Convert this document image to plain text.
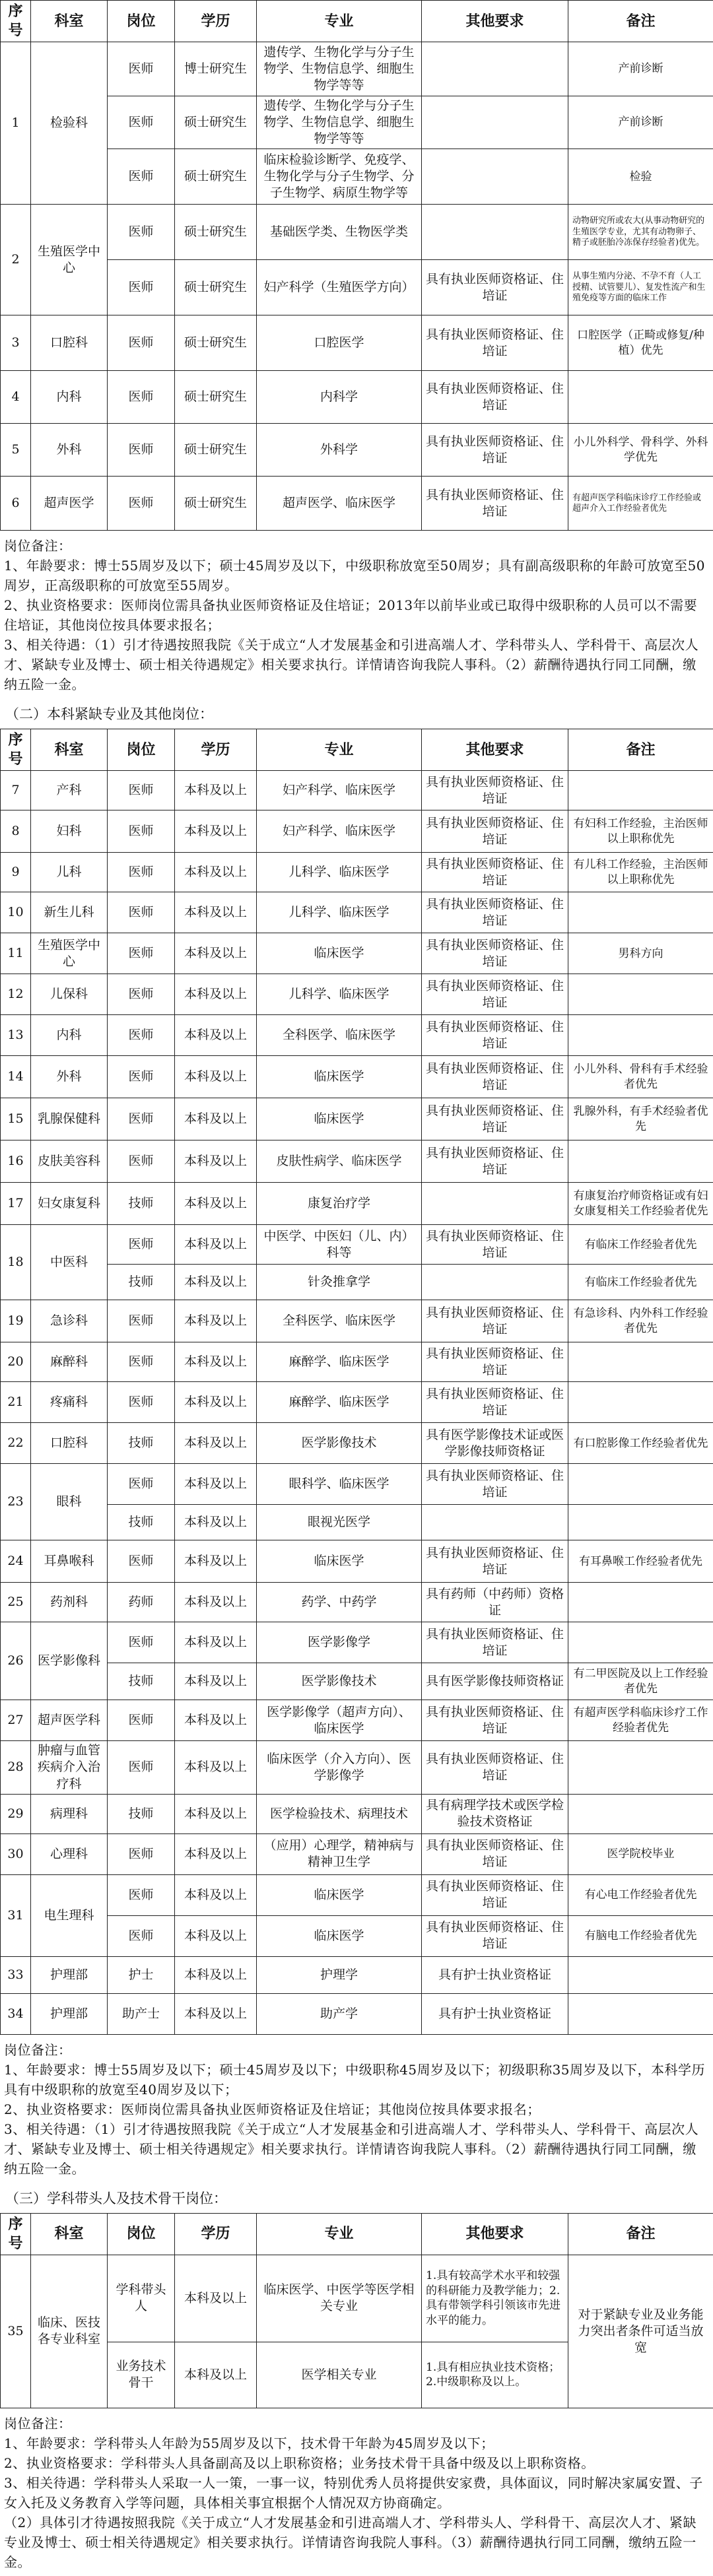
序号	科室	岗位	学历	专业	其他要求	备注
1	检验科	医师	博士研究生	遗传学、生物化学与分子生物学、生物信息学、细胞生物学等等		产前诊断
		医师	硕士研究生	遗传学、生物化学与分子生物学、生物信息学、细胞生物学等等		产前诊断
		医师	硕士研究生	临床检验诊断学、免疫学、生物化学与分子生物学、分子生物学、病原生物学等		检验
2	生殖医学中心	医师	硕士研究生	基础医学类、生物医学类		动物研究所或农大(从事动物研究的生殖医学专业，尤其有动物卵子、精子或胚胎冷冻保存经验者)优先。
		医师	硕士研究生	妇产科学（生殖医学方向）	具有执业医师资格证、住培证	从事生殖内分泌、不孕不育（人工授精、试管婴儿）、复发性流产和生殖免疫等方面的临床工作
3	口腔科	医师	硕士研究生	口腔医学	具有执业医师资格证、住培证	口腔医学（正畸或修复/种植）优先
4	内科	医师	硕士研究生	内科学	具有执业医师资格证、住培证	
5	外科	医师	硕士研究生	外科学	具有执业医师资格证、住培证	小儿外科学、骨科学、外科学优先
6	超声医学	医师	硕士研究生	超声医学、临床医学	具有执业医师资格证、住培证	有超声医学科临床诊疗工作经验或超声介入工作经验者优先
岗位备注：
1、年龄要求：博士55周岁及以下；硕士45周岁及以下，中级职称放宽至50周岁；具有副高级职称的年龄可放宽至50周岁，正高级职称的可放宽至55周岁。
2、执业资格要求：医师岗位需具备执业医师资格证及住培证；2013年以前毕业或已取得中级职称的人员可以不需要住培证，其他岗位按具体要求报名；
3、相关待遇：（1）引才待遇按照我院《关于成立“人才发展基金和引进高端人才、学科带头人、学科骨干、高层次人才、紧缺专业及博士、硕士相关待遇规定》相关要求执行。详情请咨询我院人事科。（2）薪酬待遇执行同工同酬，缴纳五险一金。
（二）本科紧缺专业及其他岗位：
序号	科室	岗位	学历	专业	其他要求	备注
7	产科	医师	本科及以上	妇产科学、临床医学	具有执业医师资格证、住培证	
8	妇科	医师	本科及以上	妇产科学、临床医学	具有执业医师资格证、住培证	有妇科工作经验，主治医师以上职称优先
9	儿科	医师	本科及以上	儿科学、临床医学	具有执业医师资格证、住培证	有儿科工作经验，主治医师以上职称优先
10	新生儿科	医师	本科及以上	儿科学、临床医学	具有执业医师资格证、住培证	
11	生殖医学中心	医师	本科及以上	临床医学	具有执业医师资格证、住培证	男科方向
12	儿保科	医师	本科及以上	儿科学、临床医学	具有执业医师资格证、住培证	
13	内科	医师	本科及以上	全科医学、临床医学	具有执业医师资格证、住培证	
14	外科	医师	本科及以上	临床医学	具有执业医师资格证、住培证	小儿外科、骨科有手术经验者优先
15	乳腺保健科	医师	本科及以上	临床医学	具有执业医师资格证、住培证	乳腺外科，有手术经验者优先
16	皮肤美容科	医师	本科及以上	皮肤性病学、临床医学	具有执业医师资格证、住培证	
17	妇女康复科	技师	本科及以上	康复治疗学		有康复治疗师资格证或有妇女康复相关工作经验者优先
18	中医科	医师	本科及以上	中医学、中医妇（儿、内）科等	具有执业医师资格证、住培证	有临床工作经验者优先
		技师	本科及以上	针灸推拿学		有临床工作经验者优先
19	急诊科	医师	本科及以上	全科医学、临床医学	具有执业医师资格证、住培证	有急诊科、内外科工作经验者优先
20	麻醉科	医师	本科及以上	麻醉学、临床医学	具有执业医师资格证、住培证	
21	疼痛科	医师	本科及以上	麻醉学、临床医学	具有执业医师资格证、住培证	
22	口腔科	技师	本科及以上	医学影像技术	具有医学影像技术证或医学影像技师资格证	有口腔影像工作经验者优先
23	眼科	医师	本科及以上	眼科学、临床医学	具有执业医师资格证、住培证	
		技师	本科及以上	眼视光医学		
24	耳鼻喉科	医师	本科及以上	临床医学	具有执业医师资格证、住培证	有耳鼻喉工作经验者优先
25	药剂科	药师	本科及以上	药学、中药学	具有药师（中药师）资格证	
26	医学影像科	医师	本科及以上	医学影像学	具有执业医师资格证、住培证	
		技师	本科及以上	医学影像技术	具有医学影像技师资格证	有二甲医院及以上工作经验者优先
27	超声医学科	医师	本科及以上	医学影像学（超声方向）、临床医学	具有执业医师资格证、住培证	有超声医学科临床诊疗工作经验者优先
28	肿瘤与血管疾病介入治疗科	医师	本科及以上	临床医学（介入方向）、医学影像学	具有执业医师资格证、住培证	
29	病理科	技师	本科及以上	医学检验技术、病理技术	具有病理学技术或医学检验技术资格证	
30	心理科	医师	本科及以上	（应用）心理学，精神病与精神卫生学	具有执业医师资格证、住培证	医学院校毕业
31	电生理科	医师	本科及以上	临床医学	具有执业医师资格证、住培证	有心电工作经验者优先
		医师	本科及以上	临床医学	具有执业医师资格证、住培证	有脑电工作经验者优先
33	护理部	护士	本科及以上	护理学	具有护士执业资格证	
34	护理部	助产士	本科及以上	助产学	具有护士执业资格证	
岗位备注：
1、年龄要求：博士55周岁及以下；硕士45周岁及以下；中级职称45周岁及以下；初级职称35周岁及以下，本科学历具有中级职称的放宽至40周岁及以下；
2、执业资格要求：医师岗位需具备执业医师资格证及住培证；其他岗位按具体要求报名；
3、相关待遇：（1）引才待遇按照我院《关于成立“人才发展基金和引进高端人才、学科带头人、学科骨干、高层次人才、紧缺专业及博士、硕士相关待遇规定》相关要求执行。详情请咨询我院人事科。（2）薪酬待遇执行同工同酬，缴纳五险一金。
（三）学科带头人及技术骨干岗位：
序号	科室	岗位	学历	专业	其他要求	备注
35	临床、医技各专业科室	学科带头人	本科及以上	临床医学、中医学等医学相关专业	1.具有较高学术水平和较强的科研能力及教学能力；2.具有带领学科引领该市先进水平的能力。	对于紧缺专业及业务能力突出者条件可适当放宽
		业务技术骨干	本科及以上	医学相关专业	1.具有相应执业技术资格；2.中级职称及以上。	
岗位备注：
1、年龄要求：学科带头人年龄为55周岁及以下，技术骨干年龄为45周岁及以下；
2、执业资格要求：学科带头人具备副高及以上职称资格；业务技术骨干具备中级及以上职称资格。
3、相关待遇：学科带头人采取一人一策，一事一议，特别优秀人员将提供安家费，具体面议，同时解决家属安置、子女入托及义务教育入学等问题，具体相关事宜根据个人情况双方协商确定。
（2）具体引才待遇按照我院《关于成立“人才发展基金和引进高端人才、学科带头人、学科骨干、高层次人才、紧缺专业及博士、硕士相关待遇规定》相关要求执行。详情请咨询我院人事科。（3）薪酬待遇执行同工同酬，缴纳五险一金。
